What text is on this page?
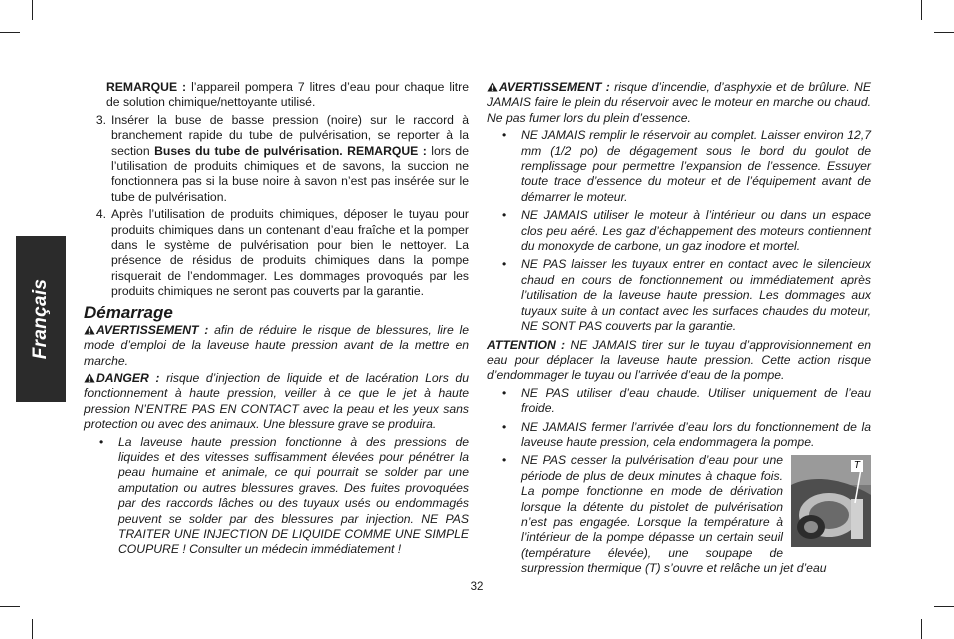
Français

REMARQUE : l’appareil pompera 7 litres d’eau pour chaque litre de solution chimique/nettoyante utilisé.

3. Insérer la buse de basse pression (noire) sur le raccord à branchement rapide du tube de pulvérisation, se reporter à la section Buses du tube de pulvérisation. REMARQUE : lors de l’utilisation de produits chimiques et de savons, la succion ne fonctionnera pas si la buse noire à savon n’est pas insérée sur le tube de pulvérisation.
4. Après l’utilisation de produits chimiques, déposer le tuyau pour produits chimiques dans un contenant d’eau fraîche et la pomper dans le système de pulvérisation pour bien le nettoyer. La présence de résidus de produits chimiques dans la pompe risquerait de l’endommager. Les dommages provoqués par les produits chimiques ne seront pas couverts par la garantie.
Démarrage

AVERTISSEMENT : afin de réduire le risque de blessures, lire le mode d’emploi de la laveuse haute pression avant de la mettre en marche.

DANGER : risque d’injection de liquide et de lacération Lors du fonctionnement à haute pression, veiller à ce que le jet à haute pression N’ENTRE PAS EN CONTACT avec la peau et les yeux sans protection ou avec des animaux. Une blessure grave se produira.

•	La laveuse haute pression fonctionne à des pressions de liquides et des vitesses suffisamment élevées pour pénétrer la peau humaine et animale, ce qui pourrait se solder par une amputation ou autres blessures graves. Des fuites provoquées par des raccords lâches ou des tuyaux usés ou endommagés peuvent se solder par des blessures par injection. NE PAS TRAITER UNE INJECTION DE LIQUIDE COMME UNE SIMPLE COUPURE ! Consulter un médecin immédiatement !

AVERTISSEMENT : risque d’incendie, d’asphyxie et de brûlure. NE JAMAIS faire le plein du réservoir avec le moteur en marche ou chaud. Ne pas fumer lors du plein d’essence.

•	NE JAMAIS remplir le réservoir au complet. Laisser environ 12,7 mm (1/2 po) de dégagement sous le bord du goulot de remplissage pour permettre l’expansion de l’essence. Essuyer toute trace d’essence du moteur et de l’équipement avant de démarrer le moteur.
•	NE JAMAIS utiliser le moteur à l’intérieur ou dans un espace clos peu aéré. Les gaz d’échappement des moteurs contiennent du monoxyde de carbone, un gaz inodore et mortel.
•	NE PAS laisser les tuyaux entrer en contact avec le silencieux chaud en cours de fonctionnement ou immédiatement après l’utilisation de la laveuse haute pression. Les dommages aux tuyaux suite à un contact avec les surfaces chaudes du moteur, NE SONT PAS couverts par la garantie.

ATTENTION : NE JAMAIS tirer sur le tuyau d’approvisionnement en eau pour déplacer la laveuse haute pression. Cette action risque d’endommager le tuyau ou l’arrivée d’eau de la pompe.

•	NE PAS utiliser d’eau chaude. Utiliser uniquement de l’eau froide.
•	NE JAMAIS fermer l’arrivée d’eau lors du fonctionnement de la laveuse haute pression, cela endommagera la pompe.
•	T
NE PAS cesser la pulvérisation d’eau pour une période de plus de deux minutes à chaque fois. La pompe fonctionne en mode de dérivation lorsque la détente du pistolet de pulvérisation n’est pas engagée. Lorsque la température à l’intérieur de la pompe dépasse un certain seuil (température élevée), une soupape de surpression thermique (T) s’ouvre et relâche un jet d’eau
32
